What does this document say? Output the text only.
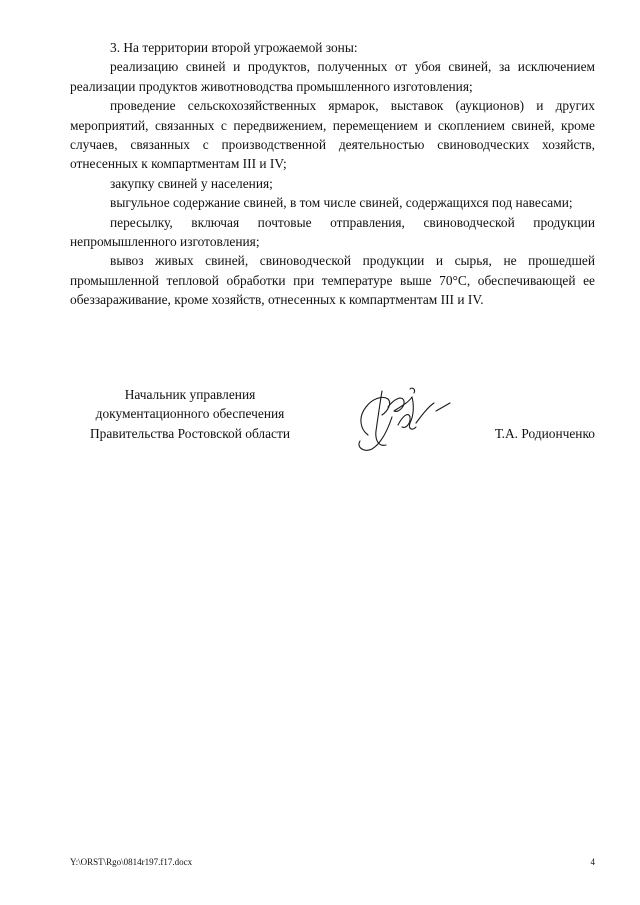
3. На территории второй угрожаемой зоны:

реализацию свиней и продуктов, полученных от убоя свиней, за исключением реализации продуктов животноводства промышленного изготовления;

проведение сельскохозяйственных ярмарок, выставок (аукционов) и других мероприятий, связанных с передвижением, перемещением и скоплением свиней, кроме случаев, связанных с производственной деятельностью свиноводческих хозяйств, отнесенных к компартментам III и IV;

закупку свиней у населения;

выгульное содержание свиней, в том числе свиней, содержащихся под навесами;

пересылку, включая почтовые отправления, свиноводческой продукции непромышленного изготовления;

вывоз живых свиней, свиноводческой продукции и сырья, не прошедшей промышленной тепловой обработки при температуре выше 70°С, обеспечивающей ее обеззараживание, кроме хозяйств, отнесенных к компартментам III и IV.

Начальник управления
документационного обеспечения
Правительства Ростовской области	Т.А. Родионченко
Y:\ORST\Rgo\0814r197.f17.docx	4
